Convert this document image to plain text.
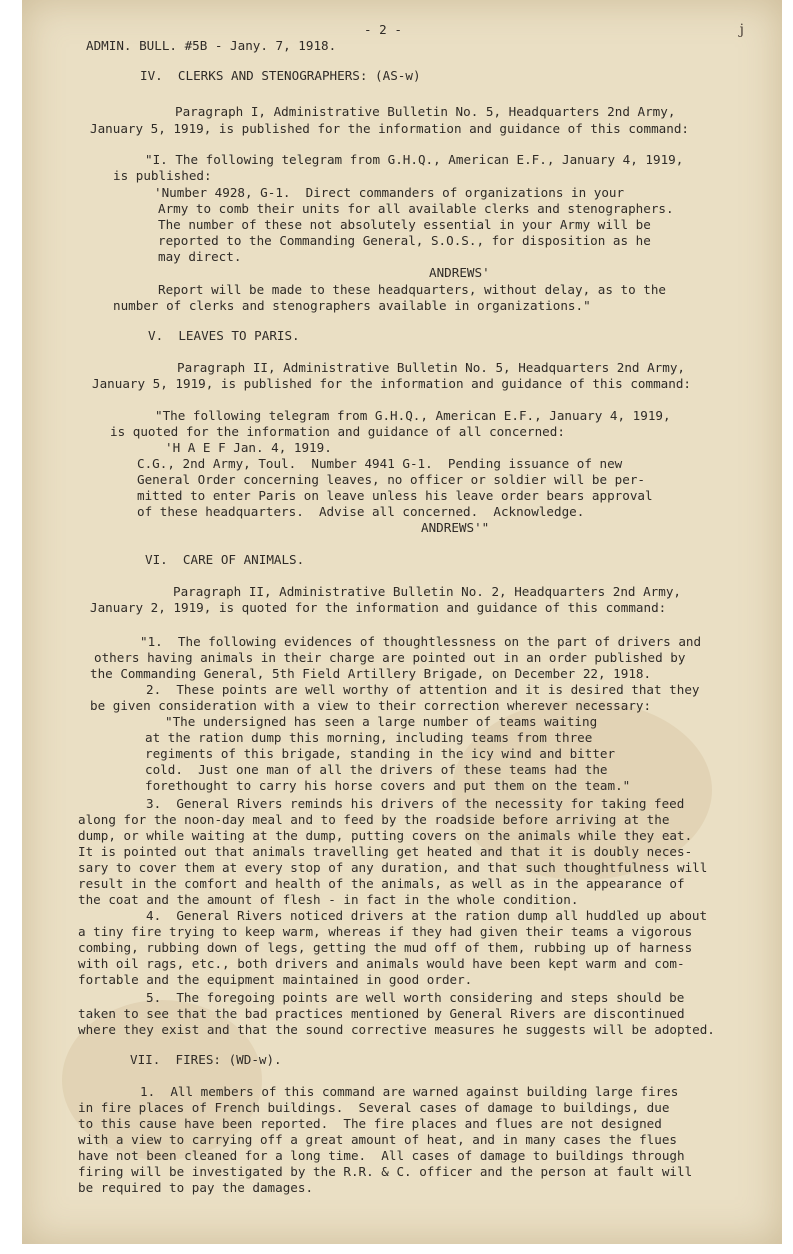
j
- 2 -
ADMIN. BULL. #5B - Jany. 7, 1918.
IV.  CLERKS AND STENOGRAPHERS: (AS-w)
Paragraph I, Administrative Bulletin No. 5, Headquarters 2nd Army,
January 5, 1919, is published for the information and guidance of this command:
"I. The following telegram from G.H.Q., American E.F., January 4, 1919,
is published:
'Number 4928, G-1.  Direct commanders of organizations in your
Army to comb their units for all available clerks and stenographers.
The number of these not absolutely essential in your Army will be
reported to the Commanding General, S.O.S., for disposition as he
may direct.
ANDREWS'
Report will be made to these headquarters, without delay, as to the
number of clerks and stenographers available in organizations."
V.  LEAVES TO PARIS.
Paragraph II, Administrative Bulletin No. 5, Headquarters 2nd Army,
January 5, 1919, is published for the information and guidance of this command:
"The following telegram from G.H.Q., American E.F., January 4, 1919,
is quoted for the information and guidance of all concerned:
'H A E F Jan. 4, 1919.
C.G., 2nd Army, Toul.  Number 4941 G-1.  Pending issuance of new
General Order concerning leaves, no officer or soldier will be per-
mitted to enter Paris on leave unless his leave order bears approval
of these headquarters.  Advise all concerned.  Acknowledge.
ANDREWS'"
VI.  CARE OF ANIMALS.
Paragraph II, Administrative Bulletin No. 2, Headquarters 2nd Army,
January 2, 1919, is quoted for the information and guidance of this command:
"1.  The following evidences of thoughtlessness on the part of drivers and
others having animals in their charge are pointed out in an order published by
the Commanding General, 5th Field Artillery Brigade, on December 22, 1918.
2.  These points are well worthy of attention and it is desired that they
be given consideration with a view to their correction wherever necessary:
"The undersigned has seen a large number of teams waiting
at the ration dump this morning, including teams from three
regiments of this brigade, standing in the icy wind and bitter
cold.  Just one man of all the drivers of these teams had the
forethought to carry his horse covers and put them on the team."
3.  General Rivers reminds his drivers of the necessity for taking feed
along for the noon-day meal and to feed by the roadside before arriving at the
dump, or while waiting at the dump, putting covers on the animals while they eat.
It is pointed out that animals travelling get heated and that it is doubly neces-
sary to cover them at every stop of any duration, and that such thoughtfulness will
result in the comfort and health of the animals, as well as in the appearance of
the coat and the amount of flesh - in fact in the whole condition.
4.  General Rivers noticed drivers at the ration dump all huddled up about
a tiny fire trying to keep warm, whereas if they had given their teams a vigorous
combing, rubbing down of legs, getting the mud off of them, rubbing up of harness
with oil rags, etc., both drivers and animals would have been kept warm and com-
fortable and the equipment maintained in good order.
5.  The foregoing points are well worth considering and steps should be
taken to see that the bad practices mentioned by General Rivers are discontinued
where they exist and that the sound corrective measures he suggests will be adopted.
VII.  FIRES: (WD-w).
1.  All members of this command are warned against building large fires
in fire places of French buildings.  Several cases of damage to buildings, due
to this cause have been reported.  The fire places and flues are not designed
with a view to carrying off a great amount of heat, and in many cases the flues
have not been cleaned for a long time.  All cases of damage to buildings through
firing will be investigated by the R.R. & C. officer and the person at fault will
be required to pay the damages.
